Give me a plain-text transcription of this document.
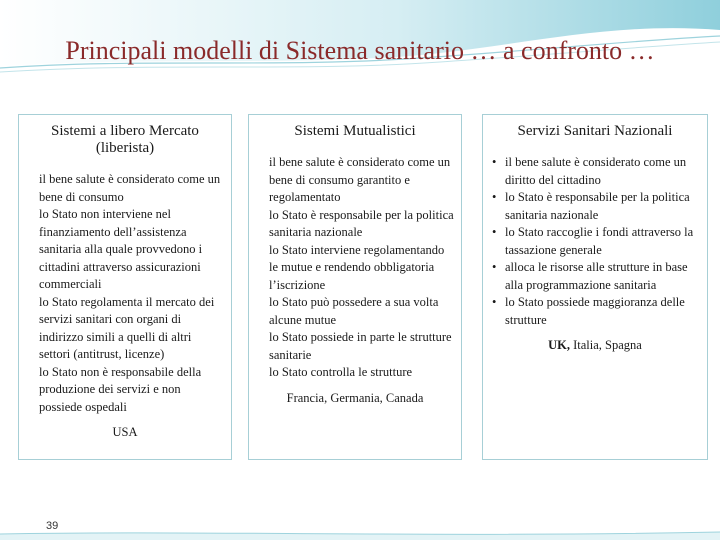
Principali modelli di Sistema sanitario … a confronto …
Sistemi a libero Mercato (liberista)
il bene salute è considerato come un bene di consumo
lo Stato non interviene nel finanziamento dell’assistenza sanitaria alla quale provvedono i cittadini attraverso assicurazioni commerciali
lo Stato regolamenta il mercato dei servizi sanitari con organi di indirizzo simili a quelli di altri settori (antitrust, licenze)
lo Stato non è responsabile della produzione dei servizi e non possiede ospedali
USA
Sistemi Mutualistici
il bene salute è considerato come un bene di consumo garantito e regolamentato
lo Stato è responsabile per la politica sanitaria nazionale
lo Stato interviene regolamentando le mutue e rendendo obbligatoria l’iscrizione
lo Stato può possedere a sua volta alcune mutue
lo Stato possiede in parte le strutture sanitarie
lo Stato controlla le strutture
Francia, Germania, Canada
Servizi Sanitari Nazionali
• il bene salute è considerato come un diritto del cittadino
• lo Stato è responsabile per la politica sanitaria nazionale
• lo Stato raccoglie i fondi attraverso la tassazione generale
• alloca le risorse alle strutture in base alla programmazione sanitaria
• lo Stato possiede maggioranza delle strutture
UK, Italia, Spagna
39
